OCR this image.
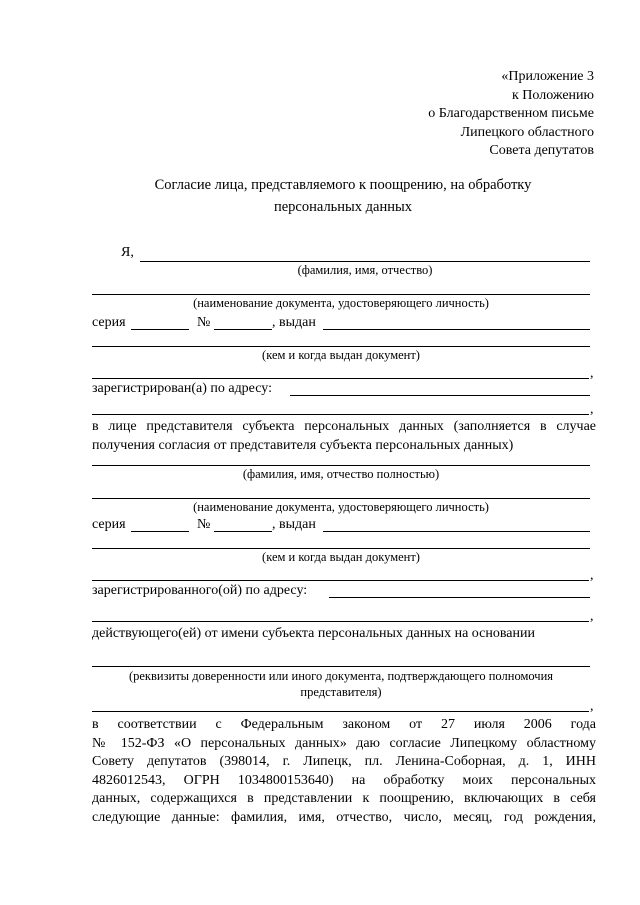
«Приложение 3
к Положению
о Благодарственном письме
Липецкого областного
Совета депутатов
Согласие лица, представляемого к поощрению, на обработку
персональных данных
Я,
(фамилия, имя, отчество)
(наименование документа, удостоверяющего личность)
серия	№	, выдан
(кем и когда выдан документ)
,
зарегистрирован(а) по адресу:
,
в лице представителя субъекта персональных данных (заполняется в случае
получения согласия от представителя субъекта персональных данных)
(фамилия, имя, отчество полностью)
(наименование документа, удостоверяющего личность)
серия	№	, выдан
(кем и когда выдан документ)
,
зарегистрированного(ой) по адресу:
,
действующего(ей) от имени субъекта персональных данных на основании
(реквизиты доверенности или иного документа, подтверждающего полномочия
представителя)
,
в соответствии с Федеральным законом от 27 июля 2006 года
№ 152-ФЗ «О персональных данных» даю согласие Липецкому областному
Совету депутатов (398014, г. Липецк, пл. Ленина-Соборная, д. 1, ИНН
4826012543, ОГРН 1034800153640) на обработку моих персональных
данных, содержащихся в представлении к поощрению, включающих в себя
следующие данные: фамилия, имя, отчество, число, месяц, год рождения,
